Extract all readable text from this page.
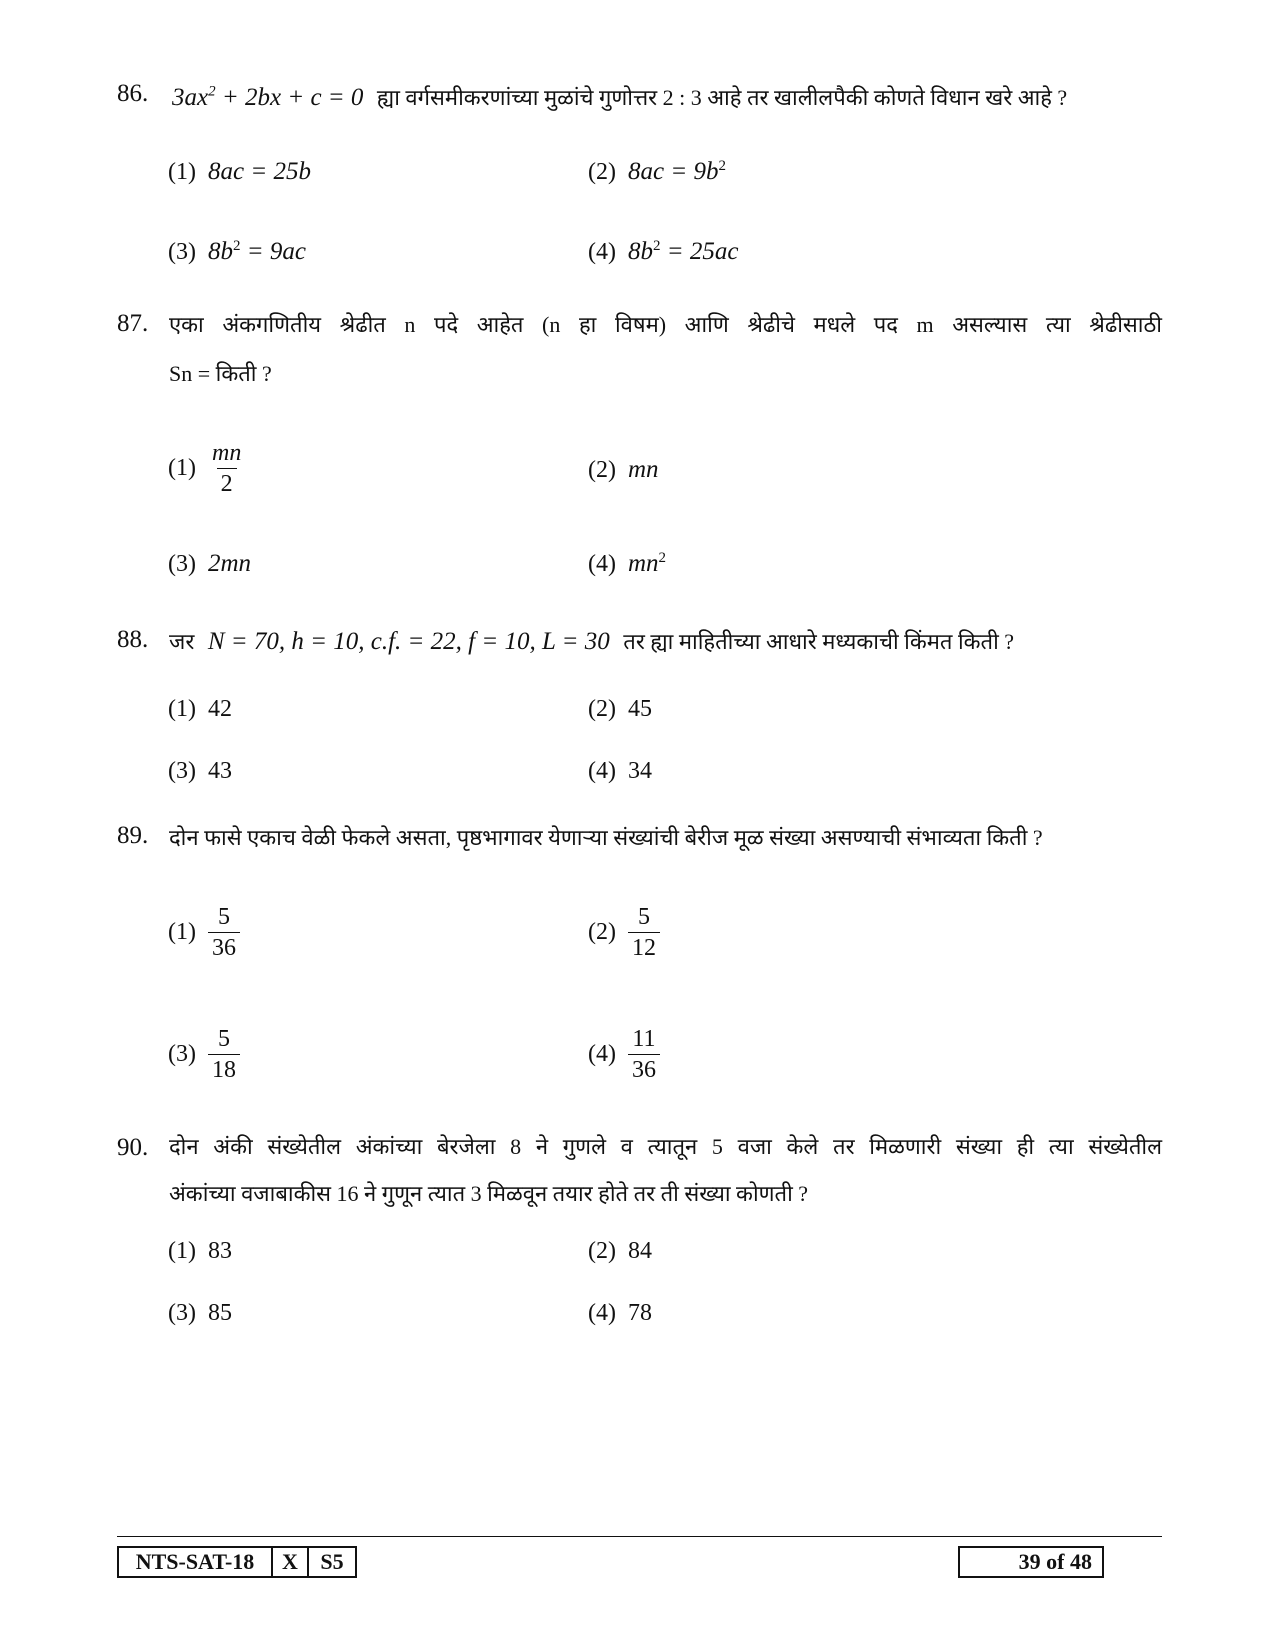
86. $3ax^2 + 2bx + c = 0$ ह्या वर्गसमीकरणांच्या मुळांचे गुणोत्तर 2 : 3 आहे तर खालीलपैकी कोणते विधान खरे आहे ?
(1) 8ac = 25b	(2) $8ac = 9b^2$
(3) $8b^2 = 9ac$	(4) $8b^2 = 25ac$
87. एका अंकगणितीय श्रेढीत n पदे आहेत (n हा विषम) आणि श्रेढीचे मधले पद m असल्यास त्या श्रेढीसाठी
Sn = किती ?
$(1) \frac{mn}{2}$	(2) mn
(3) 2mn	(4) $mn^2$
88. जर N = 70, h = 10, c.f. = 22, f = 10, L = 30 तर ह्या माहितीच्या आधारे मध्यकाची किंमत किती ?
(1) 42	(2) 45
(3) 43	(4) 34
89. दोन फासे एकाच वेळी फेकले असता, पृष्ठभागावर येणाऱ्या संख्यांची बेरीज मूळ संख्या असण्याची संभाव्यता किती ?
$(1) \frac{5}{36}$	$(2) \frac{5}{12}$
$(3) \frac{5}{18}$	$(4) \frac{11}{36}$
90. दोन अंकी संख्येतील अंकांच्या बेरजेला 8 ने गुणले व त्यातून 5 वजा केले तर मिळणारी संख्या ही त्या संख्येतील
अंकांच्या वजाबाकीस 16 ने गुणून त्यात 3 मिळवून तयार होते तर ती संख्या कोणती ?
(1) 83	(2) 84
(3) 85	(4) 78
NTS-SAT-18	X	S5	39 of 48
